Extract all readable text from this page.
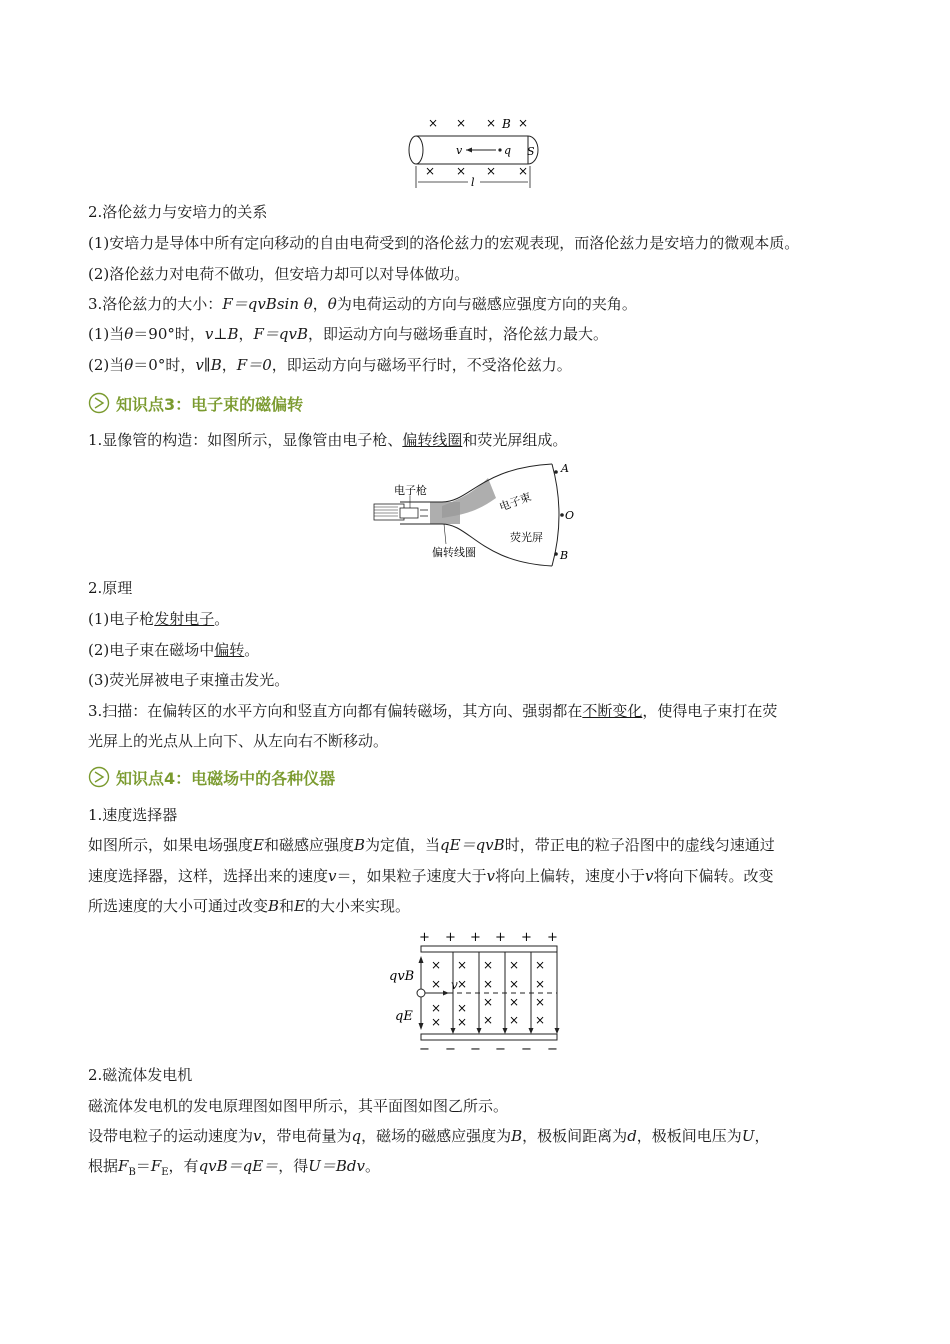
× × × B ×
v	q S
× × × ×
l
2.洛伦兹力与安培力的关系
(1)安培力是导体中所有定向移动的自由电荷受到的洛伦兹力的宏观表现，而洛伦兹力是安培力的微观本质。
(2)洛伦兹力对电荷不做功，但安培力却可以对导体做功。
3.洛伦兹力的大小：F＝qvBsin θ，θ为电荷运动的方向与磁感应强度方向的夹角。
(1)当θ＝90°时，v⊥B，F＝qvB，即运动方向与磁场垂直时，洛伦兹力最大。
(2)当θ＝0°时，v∥B，F＝0，即运动方向与磁场平行时，不受洛伦兹力。
知识点3：电子束的磁偏转
1.显像管的构造：如图所示，显像管由电子枪、偏转线圈和荧光屏组成。
A
O
B
电子枪	电子束
荧光屏
偏转线圈
2.原理
(1)电子枪发射电子。
(2)电子束在磁场中偏转。
(3)荧光屏被电子束撞击发光。
3.扫描：在偏转区的水平方向和竖直方向都有偏转磁场，其方向、强弱都在不断变化，使得电子束打在荧
光屏上的光点从上向下、从左向右不断移动。
知识点4：电磁场中的各种仪器
1.速度选择器
如图所示，如果电场强度E和磁感应强度B为定值，当qE＝qvB时，带正电的粒子沿图中的虚线匀速通过
速度选择器，这样，选择出来的速度v＝，如果粒子速度大于v将向上偏转，速度小于v将向下偏转。改变
所选速度的大小可通过改变B和E的大小来实现。
+ + + + + +
× × × × ×
× × × × ×
× × ×
× ×
× × ×
× ×
v
qvB
qE
− − − − − −
2.磁流体发电机
磁流体发电机的发电原理图如图甲所示，其平面图如图乙所示。
设带电粒子的运动速度为v，带电荷量为q，磁场的磁感应强度为B，极板间距离为d，极板间电压为U，
根据$F_B=F_E$，有qvB＝qE＝，得U＝Bdv。
